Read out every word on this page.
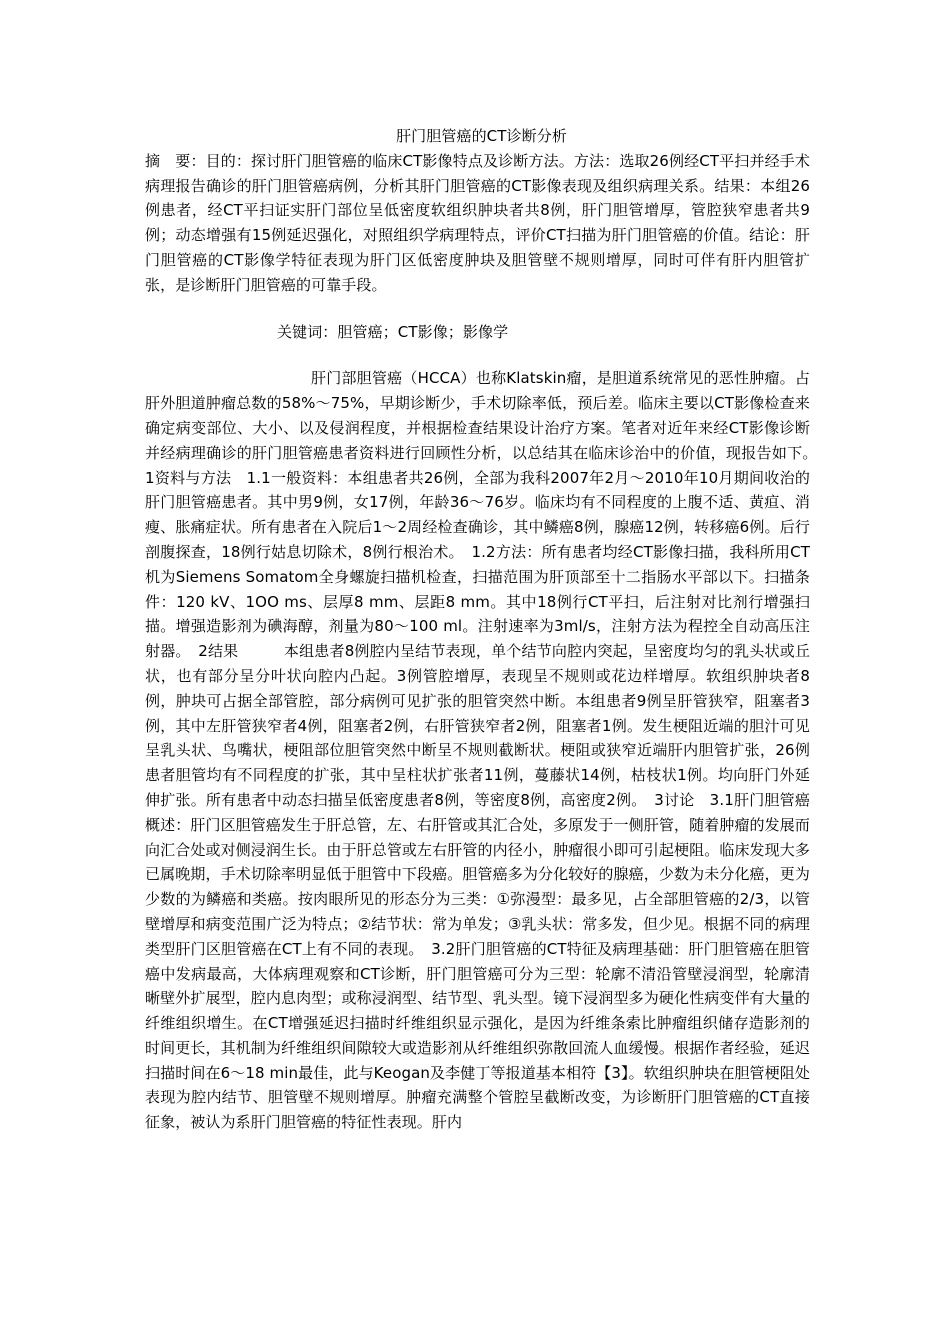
肝门胆管癌的CT诊断分析

摘　要：目的：探讨肝门胆管癌的临床CT影像特点及诊断方法。方法：选取26例经CT平扫并经手术病理报告确诊的肝门胆管癌病例，分析其肝门胆管癌的CT影像表现及组织病理关系。结果：本组26例患者，经CT平扫证实肝门部位呈低密度软组织肿块者共8例，肝门胆管增厚，管腔狭窄患者共9例；动态增强有15例延迟强化，对照组织学病理特点，评价CT扫描为肝门胆管癌的价值。结论：肝门胆管癌的CT影像学特征表现为肝门区低密度肿块及胆管壁不规则增厚，同时可伴有肝内胆管扩张，是诊断肝门胆管癌的可靠手段。

关键词：胆管癌；CT影像；影像学

肝门部胆管癌（HCCA）也称Klatskin瘤，是胆道系统常见的恶性肿瘤。占肝外胆道肿瘤总数的58%～75%，早期诊断少，手术切除率低，预后差。临床主要以CT影像检查来确定病变部位、大小、以及侵润程度，并根据检查结果设计治疗方案。笔者对近年来经CT影像诊断并经病理确诊的肝门胆管癌患者资料进行回顾性分析，以总结其在临床诊治中的价值，现报告如下。　1资料与方法　1.1一般资料：本组患者共26例，全部为我科2007年2月～2010年10月期间收治的肝门胆管癌患者。其中男9例，女17例，年龄36～76岁。临床均有不同程度的上腹不适、黄疸、消瘦、胀痛症状。所有患者在入院后1～2周经检查确诊，其中鳞癌8例，腺癌12例，转移癌6例。后行剖腹探查，18例行姑息切除术，8例行根治术。　1.2方法：所有患者均经CT影像扫描，我科所用CT机为Siemens Somatom全身螺旋扫描机检查，扫描范围为肝顶部至十二指肠水平部以下。扫描条件：120 kV、1OO ms、层厚8 mm、层距8 mm。其中18例行CT平扫，后注射对比剂行增强扫描。增强造影剂为碘海醇，剂量为80～100 ml。注射速率为3ml/s，注射方法为程控全自动高压注射器。　2结果　　　本组患者8例腔内呈结节表现，单个结节向腔内突起，呈密度均匀的乳头状或丘状，也有部分呈分叶状向腔内凸起。3例管腔增厚，表现呈不规则或花边样增厚。软组织肿块者8例，肿块可占据全部管腔，部分病例可见扩张的胆管突然中断。本组患者9例呈肝管狭窄，阻塞者3例，其中左肝管狭窄者4例，阻塞者2例，右肝管狭窄者2例，阻塞者1例。发生梗阻近端的胆汁可见呈乳头状、鸟嘴状，梗阻部位胆管突然中断呈不规则截断状。梗阻或狭窄近端肝内胆管扩张，26例患者胆管均有不同程度的扩张，其中呈柱状扩张者11例，蔓藤状14例，枯枝状1例。均向肝门外延伸扩张。所有患者中动态扫描呈低密度患者8例，等密度8例，高密度2例。　3讨论　3.1肝门胆管癌概述：肝门区胆管癌发生于肝总管，左、右肝管或其汇合处，多原发于一侧肝管，随着肿瘤的发展而向汇合处或对侧浸润生长。由于肝总管或左右肝管的内径小，肿瘤很小即可引起梗阻。临床发现大多已属晚期，手术切除率明显低于胆管中下段癌。胆管癌多为分化较好的腺癌，少数为未分化癌，更为少数的为鳞癌和类癌。按肉眼所见的形态分为三类：①弥漫型：最多见，占全部胆管癌的2/3，以管壁增厚和病变范围广泛为特点；②结节状：常为单发；③乳头状：常多发，但少见。根据不同的病理类型肝门区胆管癌在CT上有不同的表现。　3.2肝门胆管癌的CT特征及病理基础：肝门胆管癌在胆管癌中发病最高，大体病理观察和CT诊断，肝门胆管癌可分为三型：轮廓不清沿管壁浸润型，轮廓清晰壁外扩展型，腔内息肉型；或称浸润型、结节型、乳头型。镜下浸润型多为硬化性病变伴有大量的纤维组织增生。在CT增强延迟扫描时纤维组织显示强化，是因为纤维条索比肿瘤组织储存造影剂的时间更长，其机制为纤维组织间隙较大或造影剂从纤维组织弥散回流人血缓慢。根据作者经验，延迟扫描时间在6～18 min最佳，此与Keogan及李健丁等报道基本相符【3】。软组织肿块在胆管梗阻处表现为腔内结节、胆管壁不规则增厚。肿瘤充满整个管腔呈截断改变，为诊断肝门胆管癌的CT直接征象，被认为系肝门胆管癌的特征性表现。肝内
